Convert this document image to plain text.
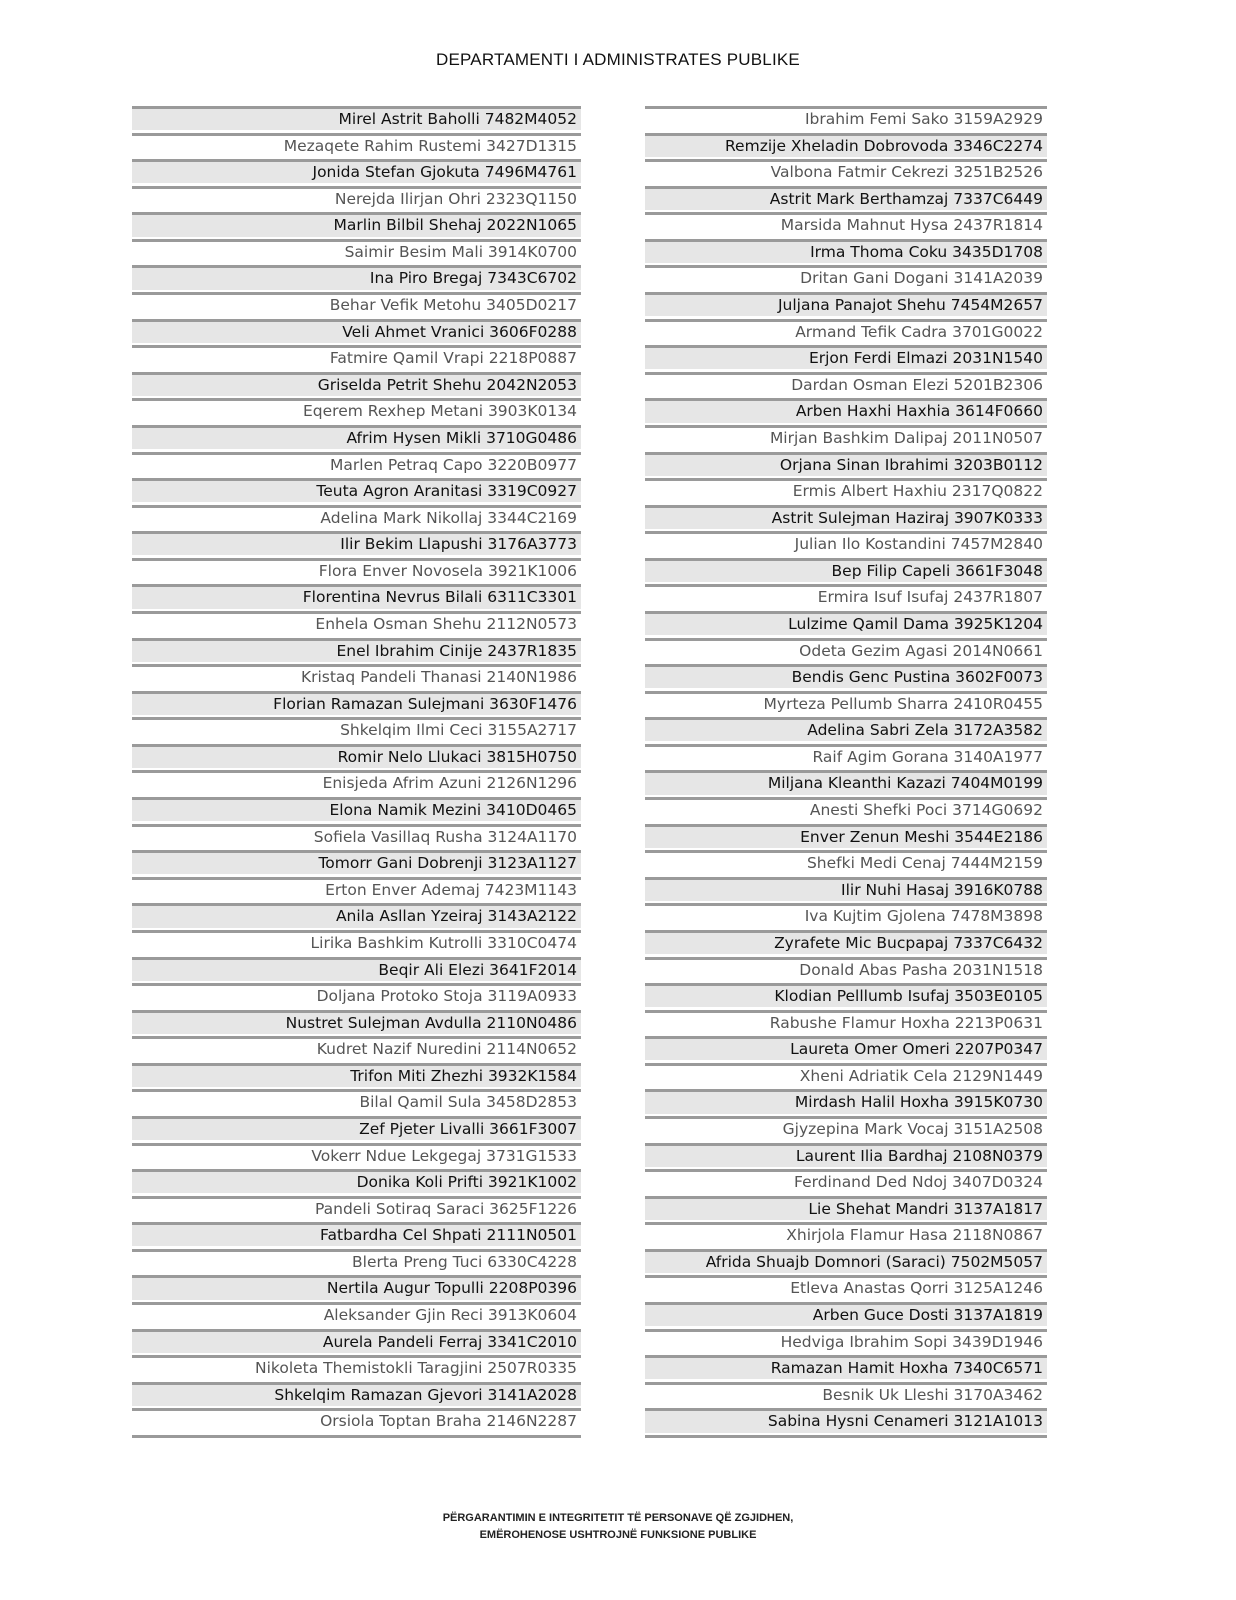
DEPARTAMENTI I ADMINISTRATES PUBLIKE
Mirel Astrit Baholli 7482M4052
Mezaqete Rahim Rustemi 3427D1315
Jonida Stefan Gjokuta 7496M4761
Nerejda Ilirjan Ohri 2323Q1150
Marlin Bilbil Shehaj 2022N1065
Saimir Besim Mali 3914K0700
Ina Piro Bregaj 7343C6702
Behar Vefik Metohu 3405D0217
Veli Ahmet Vranici 3606F0288
Fatmire Qamil Vrapi 2218P0887
Griselda Petrit Shehu 2042N2053
Eqerem Rexhep Metani 3903K0134
Afrim Hysen Mikli 3710G0486
Marlen Petraq Capo 3220B0977
Teuta Agron Aranitasi 3319C0927
Adelina Mark Nikollaj 3344C2169
Ilir Bekim Llapushi 3176A3773
Flora Enver Novosela 3921K1006
Florentina Nevrus Bilali 6311C3301
Enhela Osman Shehu 2112N0573
Enel Ibrahim Cinije 2437R1835
Kristaq Pandeli Thanasi 2140N1986
Florian Ramazan Sulejmani 3630F1476
Shkelqim Ilmi Ceci 3155A2717
Romir Nelo Llukaci 3815H0750
Enisjeda Afrim Azuni 2126N1296
Elona Namik Mezini 3410D0465
Sofiela Vasillaq Rusha 3124A1170
Tomorr Gani Dobrenji 3123A1127
Erton Enver Ademaj 7423M1143
Anila Asllan Yzeiraj 3143A2122
Lirika Bashkim Kutrolli 3310C0474
Beqir Ali Elezi 3641F2014
Doljana Protoko Stoja 3119A0933
Nustret Sulejman Avdulla 2110N0486
Kudret Nazif Nuredini 2114N0652
Trifon Miti Zhezhi 3932K1584
Bilal Qamil Sula 3458D2853
Zef Pjeter Livalli 3661F3007
Vokerr Ndue Lekgegaj 3731G1533
Donika Koli Prifti 3921K1002
Pandeli Sotiraq Saraci 3625F1226
Fatbardha Cel Shpati 2111N0501
Blerta Preng Tuci 6330C4228
Nertila Augur Topulli 2208P0396
Aleksander Gjin Reci 3913K0604
Aurela Pandeli Ferraj 3341C2010
Nikoleta Themistokli Taragjini 2507R0335
Shkelqim Ramazan Gjevori 3141A2028
Orsiola Toptan Braha 2146N2287
Ibrahim Femi Sako 3159A2929
Remzije Xheladin Dobrovoda 3346C2274
Valbona Fatmir Cekrezi 3251B2526
Astrit Mark Berthamzaj 7337C6449
Marsida Mahnut Hysa 2437R1814
Irma Thoma Coku 3435D1708
Dritan Gani Dogani 3141A2039
Juljana Panajot Shehu 7454M2657
Armand Tefik Cadra 3701G0022
Erjon Ferdi Elmazi 2031N1540
Dardan Osman Elezi 5201B2306
Arben Haxhi Haxhia 3614F0660
Mirjan Bashkim Dalipaj 2011N0507
Orjana Sinan Ibrahimi 3203B0112
Ermis Albert Haxhiu 2317Q0822
Astrit Sulejman Haziraj 3907K0333
Julian Ilo Kostandini 7457M2840
Bep Filip Capeli 3661F3048
Ermira Isuf Isufaj 2437R1807
Lulzime Qamil Dama 3925K1204
Odeta Gezim Agasi 2014N0661
Bendis Genc Pustina 3602F0073
Myrteza Pellumb Sharra 2410R0455
Adelina Sabri Zela 3172A3582
Raif Agim Gorana 3140A1977
Miljana Kleanthi Kazazi 7404M0199
Anesti Shefki Poci 3714G0692
Enver Zenun Meshi 3544E2186
Shefki Medi Cenaj 7444M2159
Ilir Nuhi Hasaj 3916K0788
Iva Kujtim Gjolena 7478M3898
Zyrafete Mic Bucpapaj 7337C6432
Donald Abas Pasha 2031N1518
Klodian Pelllumb Isufaj 3503E0105
Rabushe Flamur Hoxha 2213P0631
Laureta Omer Omeri 2207P0347
Xheni Adriatik Cela 2129N1449
Mirdash Halil Hoxha 3915K0730
Gjyzepina Mark Vocaj 3151A2508
Laurent Ilia Bardhaj 2108N0379
Ferdinand Ded Ndoj 3407D0324
Lie Shehat Mandri 3137A1817
Xhirjola Flamur Hasa 2118N0867
Afrida Shuajb Domnori (Saraci) 7502M5057
Etleva Anastas Qorri 3125A1246
Arben Guce Dosti 3137A1819
Hedviga Ibrahim Sopi 3439D1946
Ramazan Hamit Hoxha 7340C6571
Besnik Uk Lleshi 3170A3462
Sabina Hysni Cenameri 3121A1013
PËRGARANTIMIN E INTEGRITETIT TË PERSONAVE QË ZGJIDHEN,
EMËROHENOSE USHTROJNË FUNKSIONE PUBLIKE
